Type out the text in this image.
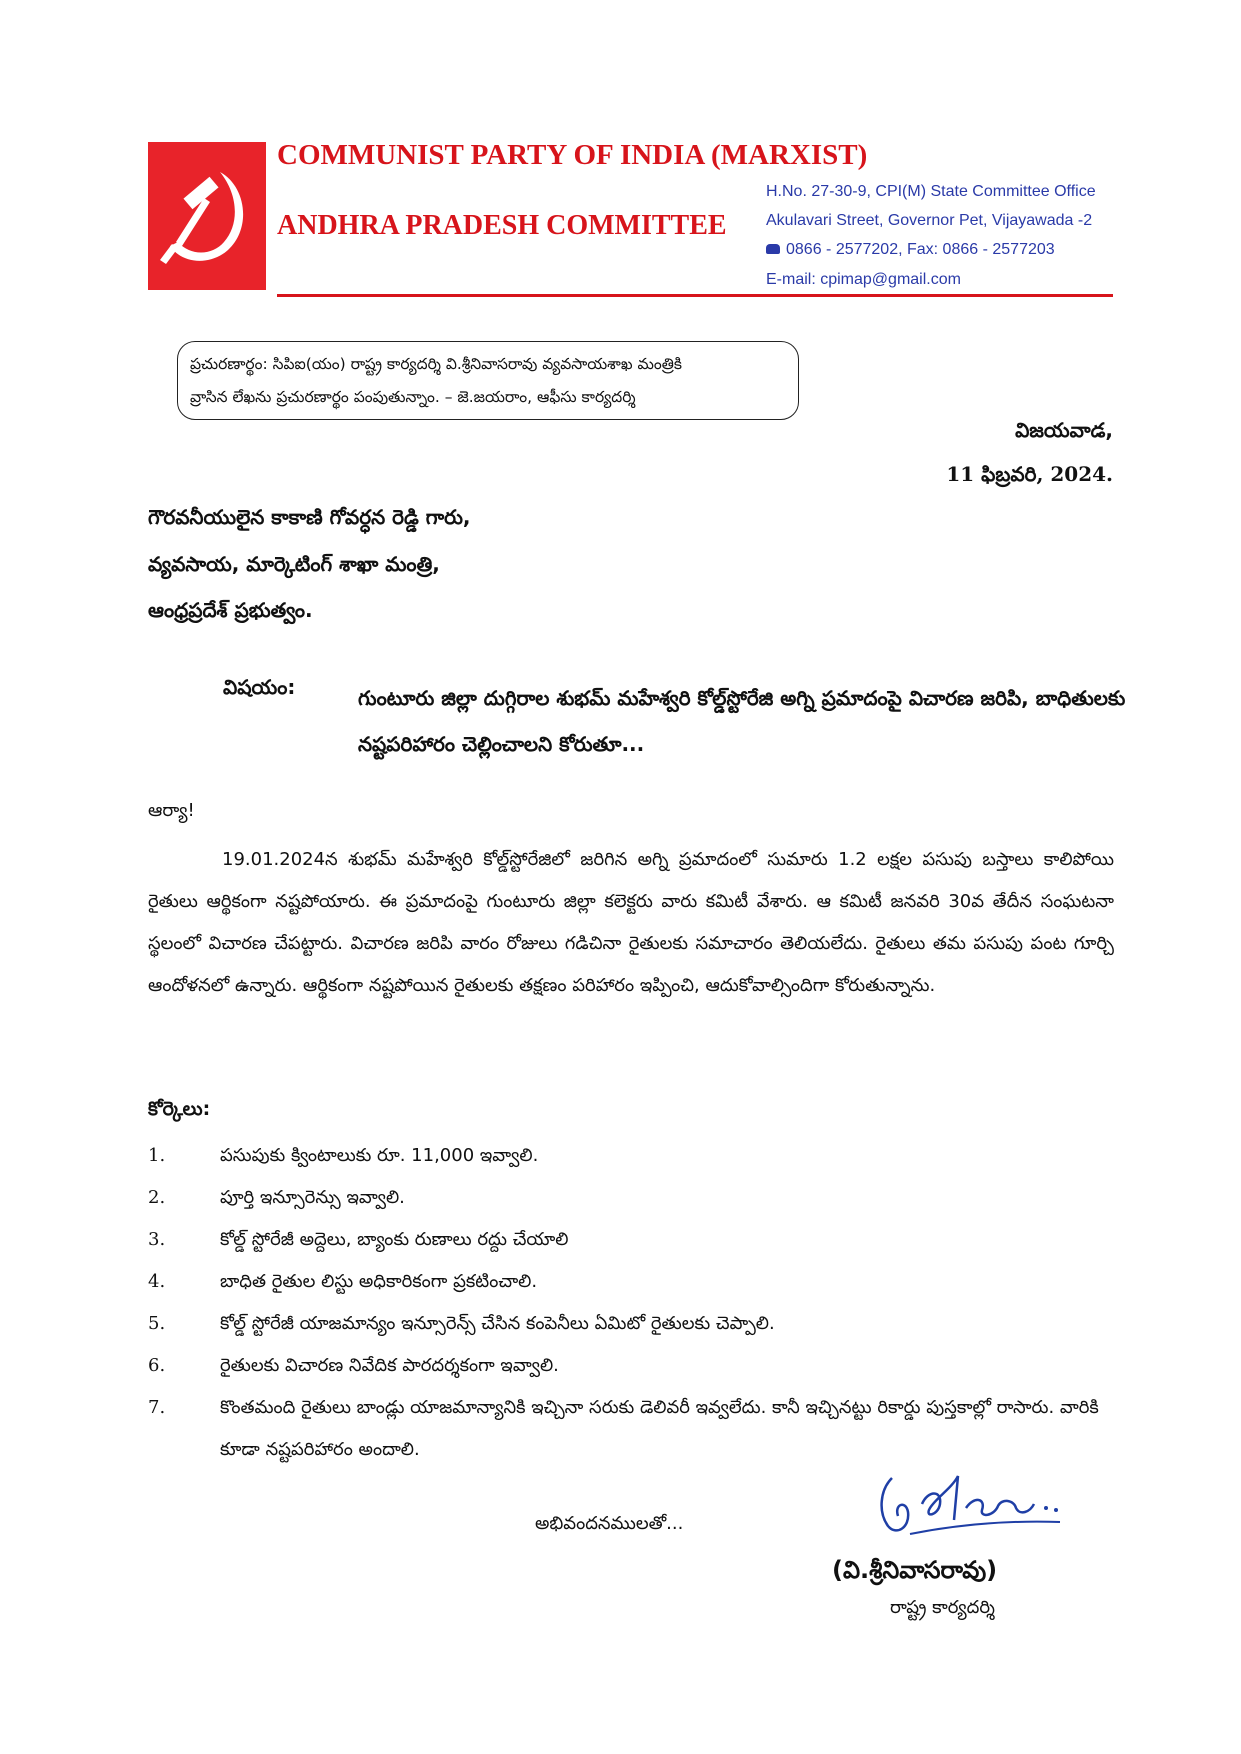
COMMUNIST PARTY OF INDIA (MARXIST)
ANDHRA PRADESH COMMITTEE
H.No. 27-30-9, CPI(M) State Committee Office
Akulavari Street, Governor Pet, Vijayawada -2
0866 - 2577202, Fax: 0866 - 2577203
E-mail: cpimap@gmail.com
ప్రచురణార్థం: సిపిఐ(యం) రాష్ట్ర కార్యదర్శి వి.శ్రీనివాసరావు వ్యవసాయశాఖ మంత్రికి
వ్రాసిన లేఖను ప్రచురణార్థం పంపుతున్నాం. – జె.జయరాం, ఆఫీసు కార్యదర్శి
విజయవాడ,
11 ఫిబ్రవరి, 2024.
గౌరవనీయులైన కాకాణి గోవర్ధన రెడ్డి గారు,
వ్యవసాయ, మార్కెటింగ్ శాఖా మంత్రి,
ఆంధ్రప్రదేశ్ ప్రభుత్వం.
విషయం:	గుంటూరు జిల్లా దుగ్గిరాల శుభమ్ మహేశ్వరి కోల్డ్‌స్టోరేజి అగ్ని ప్రమాదంపై విచారణ జరిపి, బాధితులకు నష్టపరిహారం చెల్లించాలని కోరుతూ...
ఆర్యా!
19.01.2024న శుభమ్ మహేశ్వరి కోల్డ్‌స్టోరేజిలో జరిగిన అగ్ని ప్రమాదంలో సుమారు 1.2 లక్షల పసుపు బస్తాలు కాలిపోయి రైతులు ఆర్థికంగా నష్టపోయారు. ఈ ప్రమాదంపై గుంటూరు జిల్లా కలెక్టరు వారు కమిటీ వేశారు. ఆ కమిటీ జనవరి 30వ తేదీన సంఘటనా స్థలంలో విచారణ చేపట్టారు. విచారణ జరిపి వారం రోజులు గడిచినా రైతులకు సమాచారం తెలియలేదు. రైతులు తమ పసుపు పంట గూర్చి ఆందోళనలో ఉన్నారు. ఆర్థికంగా నష్టపోయిన రైతులకు తక్షణం పరిహారం ఇప్పించి, ఆదుకోవాల్సిందిగా కోరుతున్నాను.
కోర్కెలు:
1.	పసుపుకు క్వింటాలుకు రూ. 11,000 ఇవ్వాలి.
2.	పూర్తి ఇన్సూరెన్సు ఇవ్వాలి.
3.	కోల్డ్ స్టోరేజీ అద్దెలు, బ్యాంకు రుణాలు రద్దు చేయాలి
4.	బాధిత రైతుల లిస్టు అధికారికంగా ప్రకటించాలి.
5.	కోల్డ్ స్టోరేజీ యాజమాన్యం ఇన్సూరెన్స్ చేసిన కంపెనీలు ఏమిటో రైతులకు చెప్పాలి.
6.	రైతులకు విచారణ నివేదిక పారదర్శకంగా ఇవ్వాలి.
7.	కొంతమంది రైతులు బాండ్లు యాజమాన్యానికి ఇచ్చినా సరుకు డెలివరీ ఇవ్వలేదు. కానీ ఇచ్చినట్టు రికార్డు పుస్తకాల్లో రాసారు. వారికి కూడా నష్టపరిహారం అందాలి.
అభివందనములతో...
(వి.శ్రీనివాసరావు)
రాష్ట్ర కార్యదర్శి
